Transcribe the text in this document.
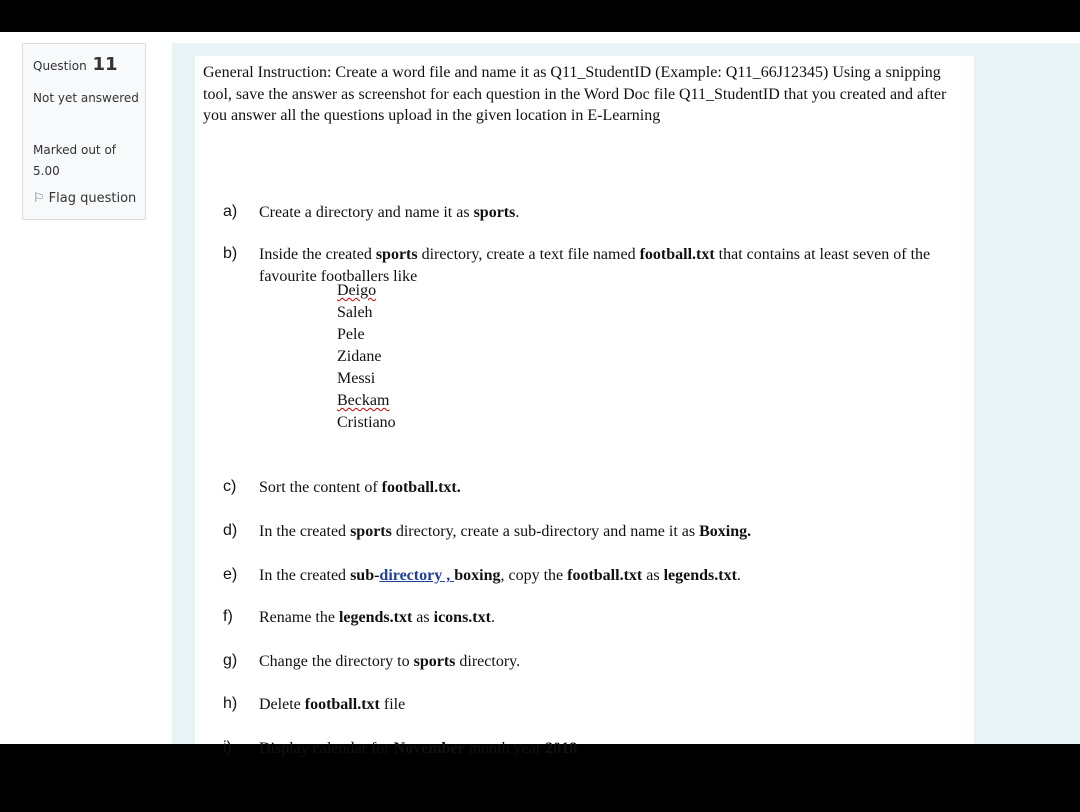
Question 11
Not yet answered
Marked out of 5.00
⚐ Flag question
General Instruction: Create a word file and name it as Q11_StudentID (Example: Q11_66J12345) Using a snipping tool, save the answer as screenshot for each question in the Word Doc file Q11_StudentID that you created and after you answer all the questions upload in the given location in E-Learning
a)	Create a directory and name it as sports.
b)	Inside the created sports directory, create a text file named football.txt that contains at least seven of the favourite footballers like
Deigo
Saleh
Pele
Zidane
Messi
Beckam
Cristiano
c)	Sort the content of football.txt.
d)	In the created sports directory, create a sub-directory and name it as Boxing.
e)	In the created sub-directory , boxing, copy the football.txt as legends.txt.
f)	Rename the legends.txt as icons.txt.
g)	Change the directory to sports directory.
h)	Delete football.txt file
i)	Display calendar for November month year 2018
